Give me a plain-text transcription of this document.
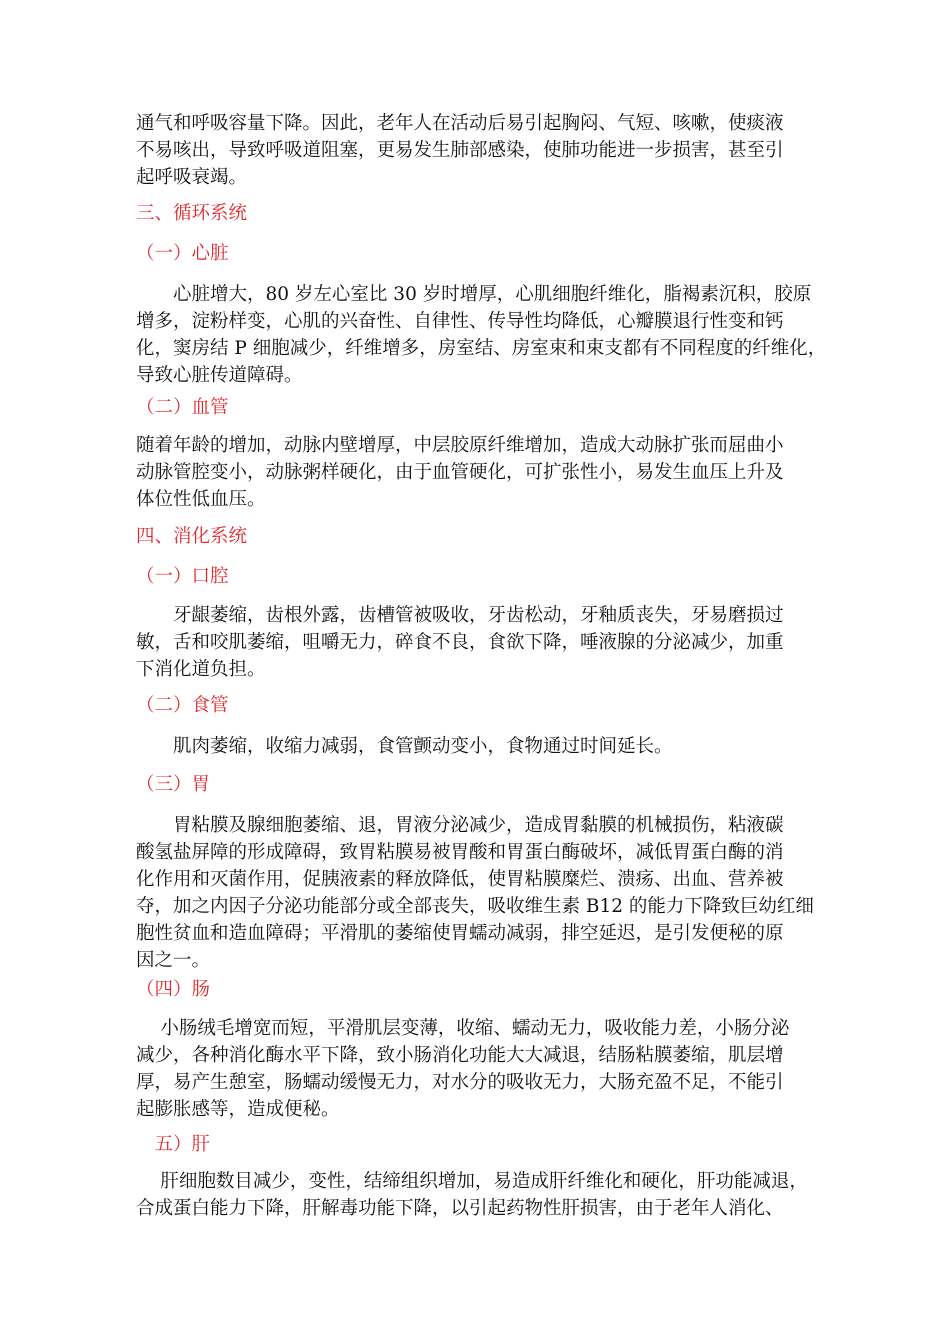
通气和呼吸容量下降。因此，老年人在活动后易引起胸闷、气短、咳嗽，使痰液
不易咳出，导致呼吸道阻塞，更易发生肺部感染，使肺功能进一步损害，甚至引
起呼吸衰竭。

三、循环系统
（一）心脏

　　心脏增大，80 岁左心室比 30 岁时增厚，心肌细胞纤维化，脂褐素沉积，胶原
增多，淀粉样变，心肌的兴奋性、自律性、传导性均降低，心瓣膜退行性变和钙
化，窦房结 P 细胞减少，纤维增多，房室结、房室束和束支都有不同程度的纤维化，
导致心脏传道障碍。

（二）血管

随着年龄的增加，动脉内壁增厚，中层胶原纤维增加，造成大动脉扩张而屈曲小
动脉管腔变小，动脉粥样硬化，由于血管硬化，可扩张性小，易发生血压上升及
体位性低血压。

四、消化系统
（一）口腔

　　牙龈萎缩，齿根外露，齿槽管被吸收，牙齿松动，牙釉质丧失，牙易磨损过
敏，舌和咬肌萎缩，咀嚼无力，碎食不良，食欲下降，唾液腺的分泌减少，加重
下消化道负担。

（二）食管

　　肌肉萎缩，收缩力减弱，食管颤动变小，食物通过时间延长。

（三）胃

　　胃粘膜及腺细胞萎缩、退，胃液分泌减少，造成胃黏膜的机械损伤，粘液碳
酸氢盐屏障的形成障碍，致胃粘膜易被胃酸和胃蛋白酶破坏，减低胃蛋白酶的消
化作用和灭菌作用，促胰液素的释放降低，使胃粘膜糜烂、溃疡、出血、营养被
夺，加之内因子分泌功能部分或全部丧失，吸收维生素 B12 的能力下降致巨幼红细
胞性贫血和造血障碍；平滑肌的萎缩使胃蠕动减弱，排空延迟，是引发便秘的原
因之一。

（四）肠

　 小肠绒毛增宽而短，平滑肌层变薄，收缩、蠕动无力，吸收能力差，小肠分泌
减少，各种消化酶水平下降，致小肠消化功能大大减退，结肠粘膜萎缩，肌层增
厚，易产生憩室，肠蠕动缓慢无力，对水分的吸收无力，大肠充盈不足，不能引
起膨胀感等，造成便秘。

　五）肝

　 肝细胞数目减少，变性，结缔组织增加，易造成肝纤维化和硬化，肝功能减退，
合成蛋白能力下降，肝解毒功能下降，以引起药物性肝损害，由于老年人消化、
